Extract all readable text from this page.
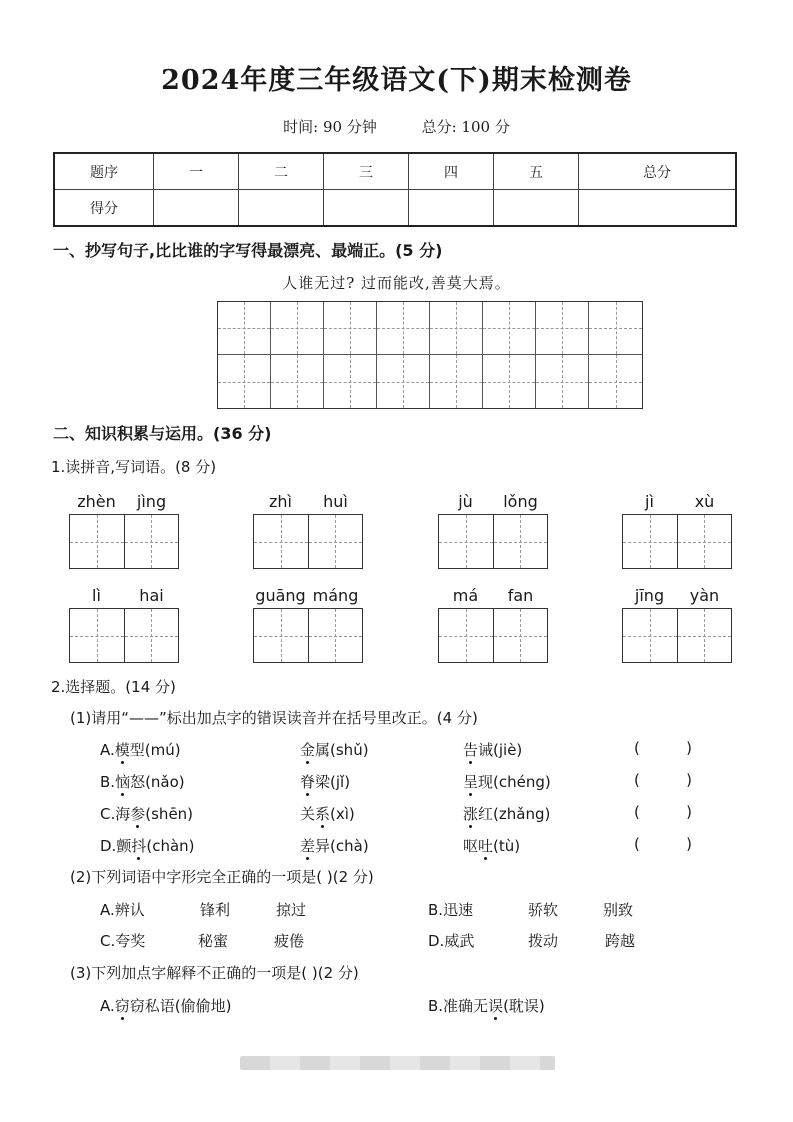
2024年度三年级语文(下)期末检测卷
时间: 90 分钟	总分: 100 分
题序	一	二	三	四	五	总分
得分						
一、抄写句子,比比谁的字写得最漂亮、最端正。(5 分)
人谁无过? 过而能改,善莫大焉。
二、知识积累与运用。(36 分)
1.读拼音,写词语。(8 分)
zhèn	jìng	zhì	huì	jù	lǒng	jì	xù
lì	hai	guāng máng	má	fan	jīng	yàn
2.选择题。(14 分)
(1)请用“——”标出加点字的错误读音并在括号里改正。(4 分)
A.模型(mú)	金属(shǔ)	告诫(jiè)	(	)
B.恼怒(nǎo)	脊梁(jǐ)	呈现(chéng)	(	)
C.海参(shēn)	关系(xì)	涨红(zhǎng)	(	)
D.颤抖(chàn)	差异(chà)	呕吐(tù)	(	)
(2)下列词语中字形完全正确的一项是( )(2 分)
A.辨认	锋利	掠过	B.迅速	骄软	别致
C.夸奖	秘蜜	疲倦	D.威武	拨动	跨越
(3)下列加点字解释不正确的一项是( )(2 分)
A.窃窃私语(偷偷地)	B.准确无误(耽误)
